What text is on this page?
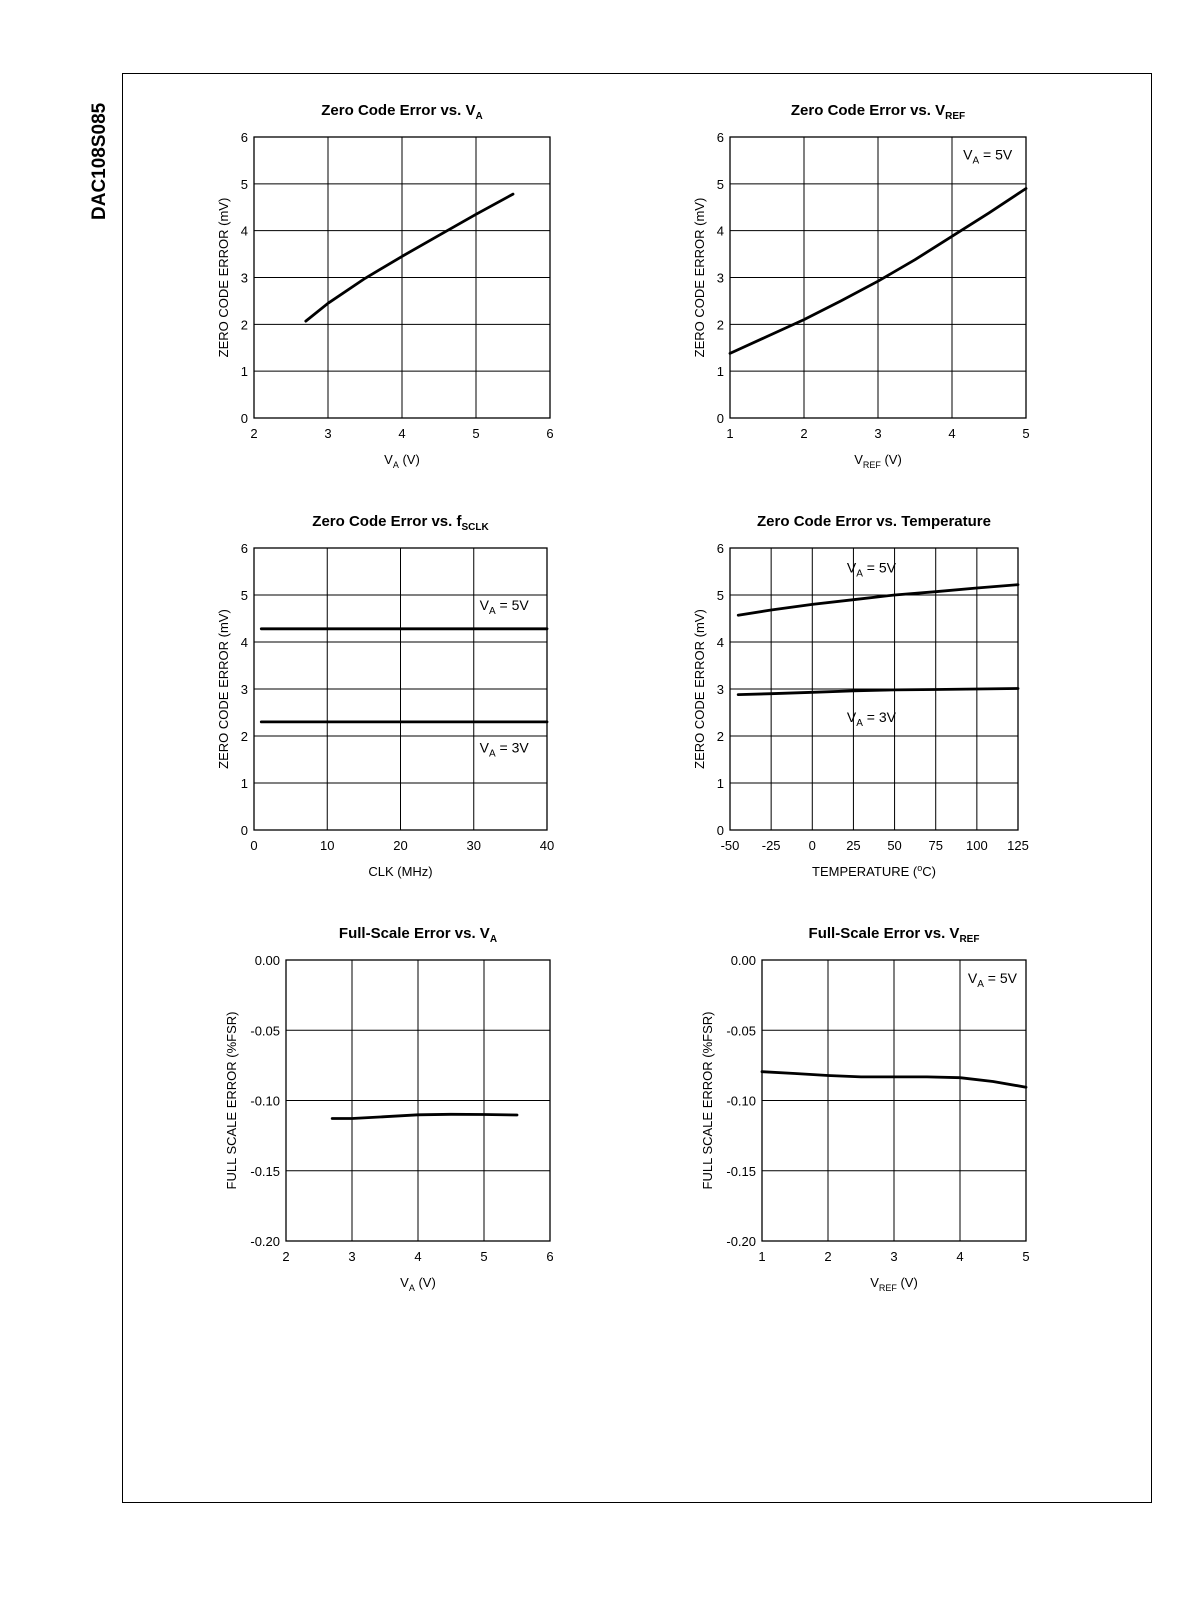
DAC108S085
2	3	4	5	6
0
1
2
3
4
5
6
Zero Code Error vs. $V_A$
$V_A$ (V)
ZERO CODE ERROR (mV)
1	2	3	4	5
0
1
2
3
4
5
6
Zero Code Error vs. $V_{REF}$
$V_{REF}$ (V)
ZERO CODE ERROR (mV)
$V_A = 5V$
0	10	20	30	40
0
1
2
3
4
5
6
Zero Code Error vs. $f_{SCLK}$
CLK (MHz)
ZERO CODE ERROR (mV)
$V_A = 5V$
$V_A = 3V$
-50 -25 0 25 50 75 100 125
0
1
2
3
4
5
6
Zero Code Error vs. Temperature
TEMPERATURE ($^o$C)
ZERO CODE ERROR (mV)
$V_A = 5V$
$V_A = 3V$
2	3	4	5	6
-0.20
-0.15
-0.10
-0.05
0.00
Full-Scale Error vs. $V_A$
$V_A$ (V)
FULL SCALE ERROR (%FSR)
1	2	3	4	5
-0.20
-0.15
-0.10
-0.05
0.00
Full-Scale Error vs. $V_{REF}$
$V_{REF}$ (V)
FULL SCALE ERROR (%FSR)
$V_A = 5V$
